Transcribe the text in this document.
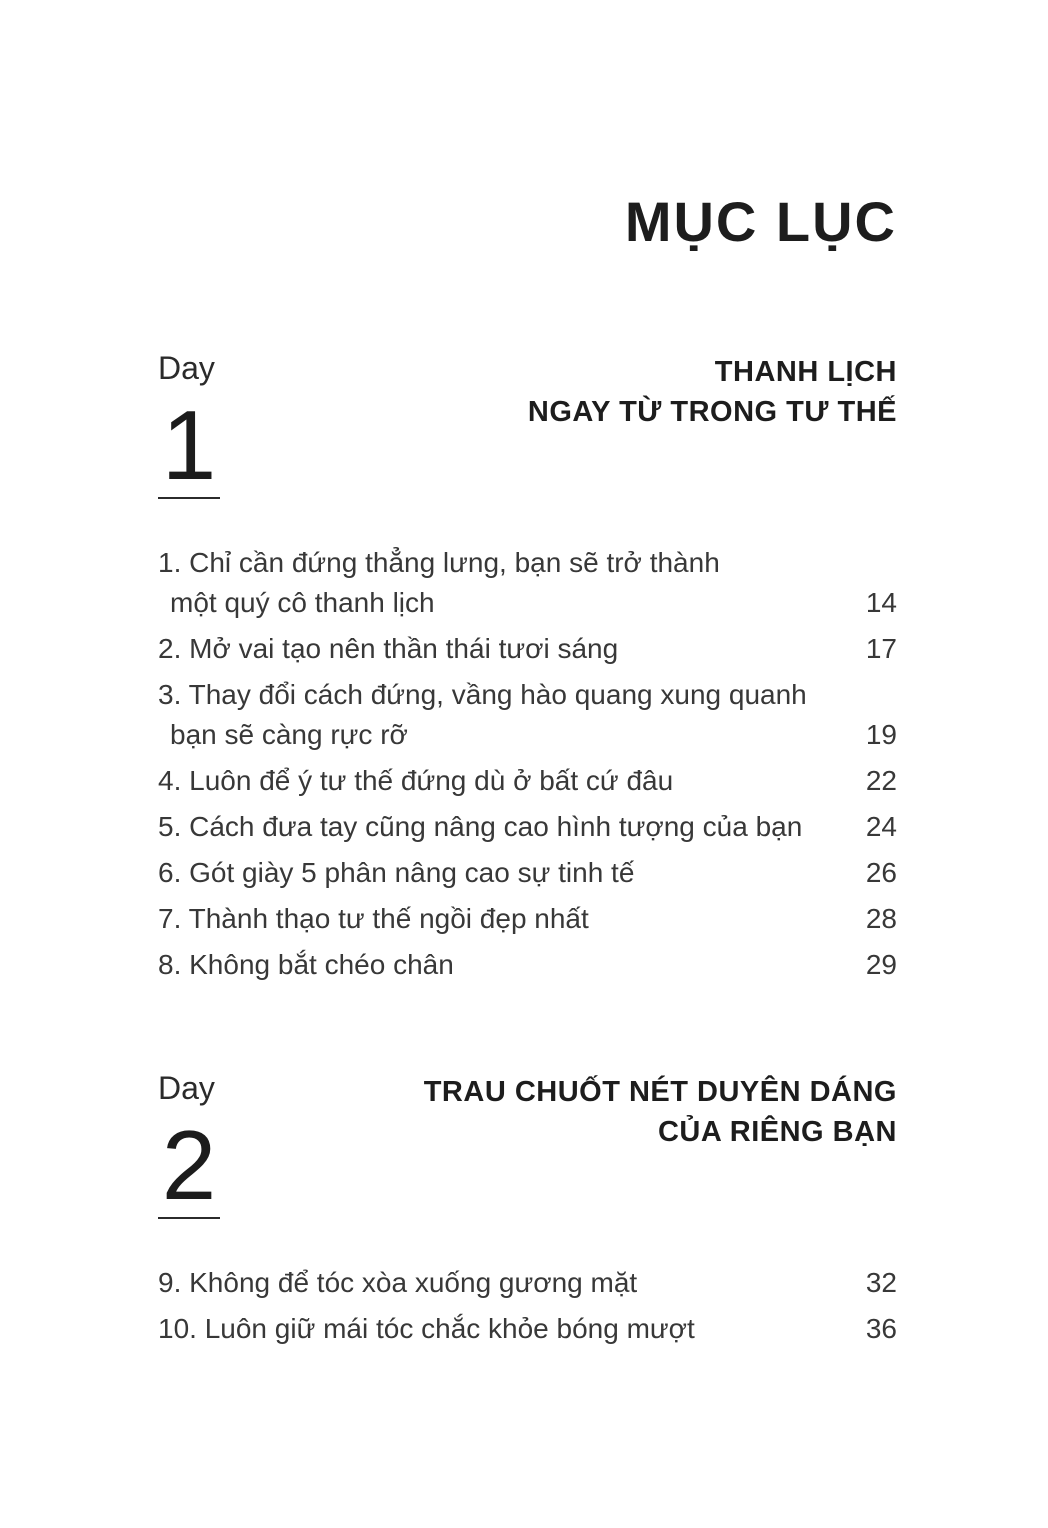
MỤC LỤC
Day
1
THANH LỊCH
NGAY TỪ TRONG TƯ THẾ
1. Chỉ cần đứng thẳng lưng, bạn sẽ trở thành
một quý cô thanh lịch	14
2. Mở vai tạo nên thần thái tươi sáng	17
3. Thay đổi cách đứng, vầng hào quang xung quanh
bạn sẽ càng rực rỡ	19
4. Luôn để ý tư thế đứng dù ở bất cứ đâu	22
5. Cách đưa tay cũng nâng cao hình tượng của bạn 24
6. Gót giày 5 phân nâng cao sự tinh tế	26
7. Thành thạo tư thế ngồi đẹp nhất	28
8. Không bắt chéo chân	29
Day
2
TRAU CHUỐT NÉT DUYÊN DÁNG
CỦA RIÊNG BẠN
9. Không để tóc xòa xuống gương mặt	32
10. Luôn giữ mái tóc chắc khỏe bóng mượt	36
